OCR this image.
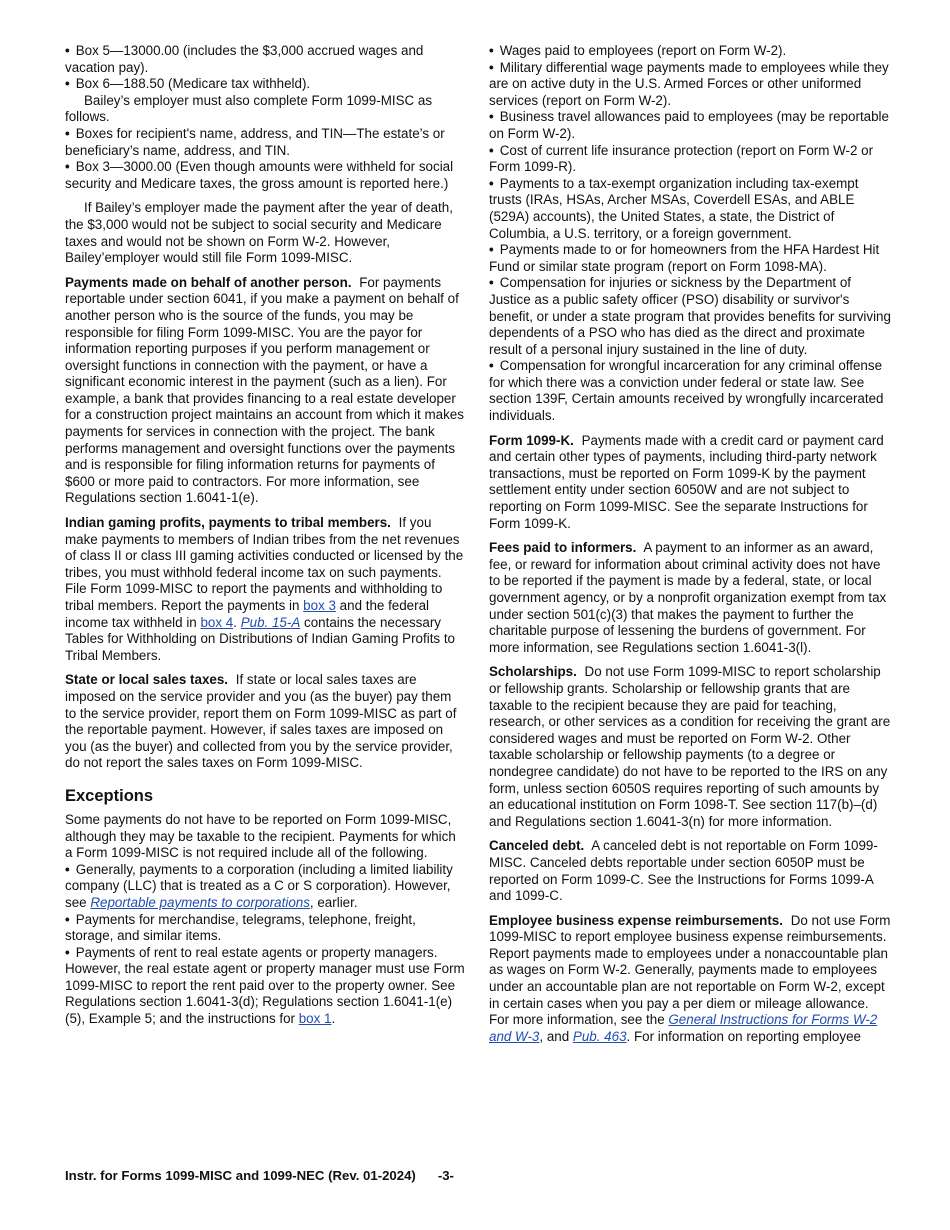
• Box 5—13000.00 (includes the $3,000 accrued wages and vacation pay).

• Box 6—188.50 (Medicare tax withheld).

Bailey’s employer must also complete Form 1099-MISC as follows.

• Boxes for recipient's name, address, and TIN—The estate’s or beneficiary’s name, address, and TIN.

• Box 3—3000.00 (Even though amounts were withheld for social security and Medicare taxes, the gross amount is reported here.)

If Bailey’s employer made the payment after the year of death, the $3,000 would not be subject to social security and Medicare taxes and would not be shown on Form W-2. However, Bailey’employer would still file Form 1099-MISC.

Payments made on behalf of another person. For payments reportable under section 6041, if you make a payment on behalf of another person who is the source of the funds, you may be responsible for filing Form 1099-MISC. You are the payor for information reporting purposes if you perform management or oversight functions in connection with the payment, or have a significant economic interest in the payment (such as a lien). For example, a bank that provides financing to a real estate developer for a construction project maintains an account from which it makes payments for services in connection with the project. The bank performs management and oversight functions over the payments and is responsible for filing information returns for payments of $600 or more paid to contractors. For more information, see Regulations section 1.6041-1(e).

Indian gaming profits, payments to tribal members. If you make payments to members of Indian tribes from the net revenues of class II or class III gaming activities conducted or licensed by the tribes, you must withhold federal income tax on such payments. File Form 1099-MISC to report the payments and withholding to tribal members. Report the payments in box 3 and the federal income tax withheld in box 4. Pub. 15-A contains the necessary Tables for Withholding on Distributions of Indian Gaming Profits to Tribal Members.

State or local sales taxes. If state or local sales taxes are imposed on the service provider and you (as the buyer) pay them to the service provider, report them on Form 1099-MISC as part of the reportable payment. However, if sales taxes are imposed on you (as the buyer) and collected from you by the service provider, do not report the sales taxes on Form 1099-MISC.

Exceptions

Some payments do not have to be reported on Form 1099-MISC, although they may be taxable to the recipient. Payments for which a Form 1099-MISC is not required include all of the following.

• Generally, payments to a corporation (including a limited liability company (LLC) that is treated as a C or S corporation). However, see Reportable payments to corporations, earlier.

• Payments for merchandise, telegrams, telephone, freight, storage, and similar items.

• Payments of rent to real estate agents or property managers. However, the real estate agent or property manager must use Form 1099-MISC to report the rent paid over to the property owner. See Regulations section 1.6041-3(d); Regulations section 1.6041-1(e)(5), Example 5; and the instructions for box 1.

• Wages paid to employees (report on Form W-2).

• Military differential wage payments made to employees while they are on active duty in the U.S. Armed Forces or other uniformed services (report on Form W-2).

• Business travel allowances paid to employees (may be reportable on Form W-2).

• Cost of current life insurance protection (report on Form W-2 or Form 1099-R).

• Payments to a tax-exempt organization including tax-exempt trusts (IRAs, HSAs, Archer MSAs, Coverdell ESAs, and ABLE (529A) accounts), the United States, a state, the District of Columbia, a U.S. territory, or a foreign government.

• Payments made to or for homeowners from the HFA Hardest Hit Fund or similar state program (report on Form 1098-MA).

• Compensation for injuries or sickness by the Department of Justice as a public safety officer (PSO) disability or survivor's benefit, or under a state program that provides benefits for surviving dependents of a PSO who has died as the direct and proximate result of a personal injury sustained in the line of duty.

• Compensation for wrongful incarceration for any criminal offense for which there was a conviction under federal or state law. See section 139F, Certain amounts received by wrongfully incarcerated individuals.

Form 1099-K. Payments made with a credit card or payment card and certain other types of payments, including third-party network transactions, must be reported on Form 1099-K by the payment settlement entity under section 6050W and are not subject to reporting on Form 1099-MISC. See the separate Instructions for Form 1099-K.

Fees paid to informers. A payment to an informer as an award, fee, or reward for information about criminal activity does not have to be reported if the payment is made by a federal, state, or local government agency, or by a nonprofit organization exempt from tax under section 501(c)(3) that makes the payment to further the charitable purpose of lessening the burdens of government. For more information, see Regulations section 1.6041-3(l).

Scholarships. Do not use Form 1099-MISC to report scholarship or fellowship grants. Scholarship or fellowship grants that are taxable to the recipient because they are paid for teaching, research, or other services as a condition for receiving the grant are considered wages and must be reported on Form W-2. Other taxable scholarship or fellowship payments (to a degree or nondegree candidate) do not have to be reported to the IRS on any form, unless section 6050S requires reporting of such amounts by an educational institution on Form 1098-T. See section 117(b)–(d) and Regulations section 1.6041-3(n) for more information.

Canceled debt. A canceled debt is not reportable on Form 1099-MISC. Canceled debts reportable under section 6050P must be reported on Form 1099-C. See the Instructions for Forms 1099-A and 1099-C.

Employee business expense reimbursements. Do not use Form 1099-MISC to report employee business expense reimbursements. Report payments made to employees under a nonaccountable plan as wages on Form W-2. Generally, payments made to employees under an accountable plan are not reportable on Form W-2, except in certain cases when you pay a per diem or mileage allowance. For more information, see the General Instructions for Forms W-2 and W-3, and Pub. 463. For information on reporting employee

Instr. for Forms 1099-MISC and 1099-NEC (Rev. 01-2024) -3-
